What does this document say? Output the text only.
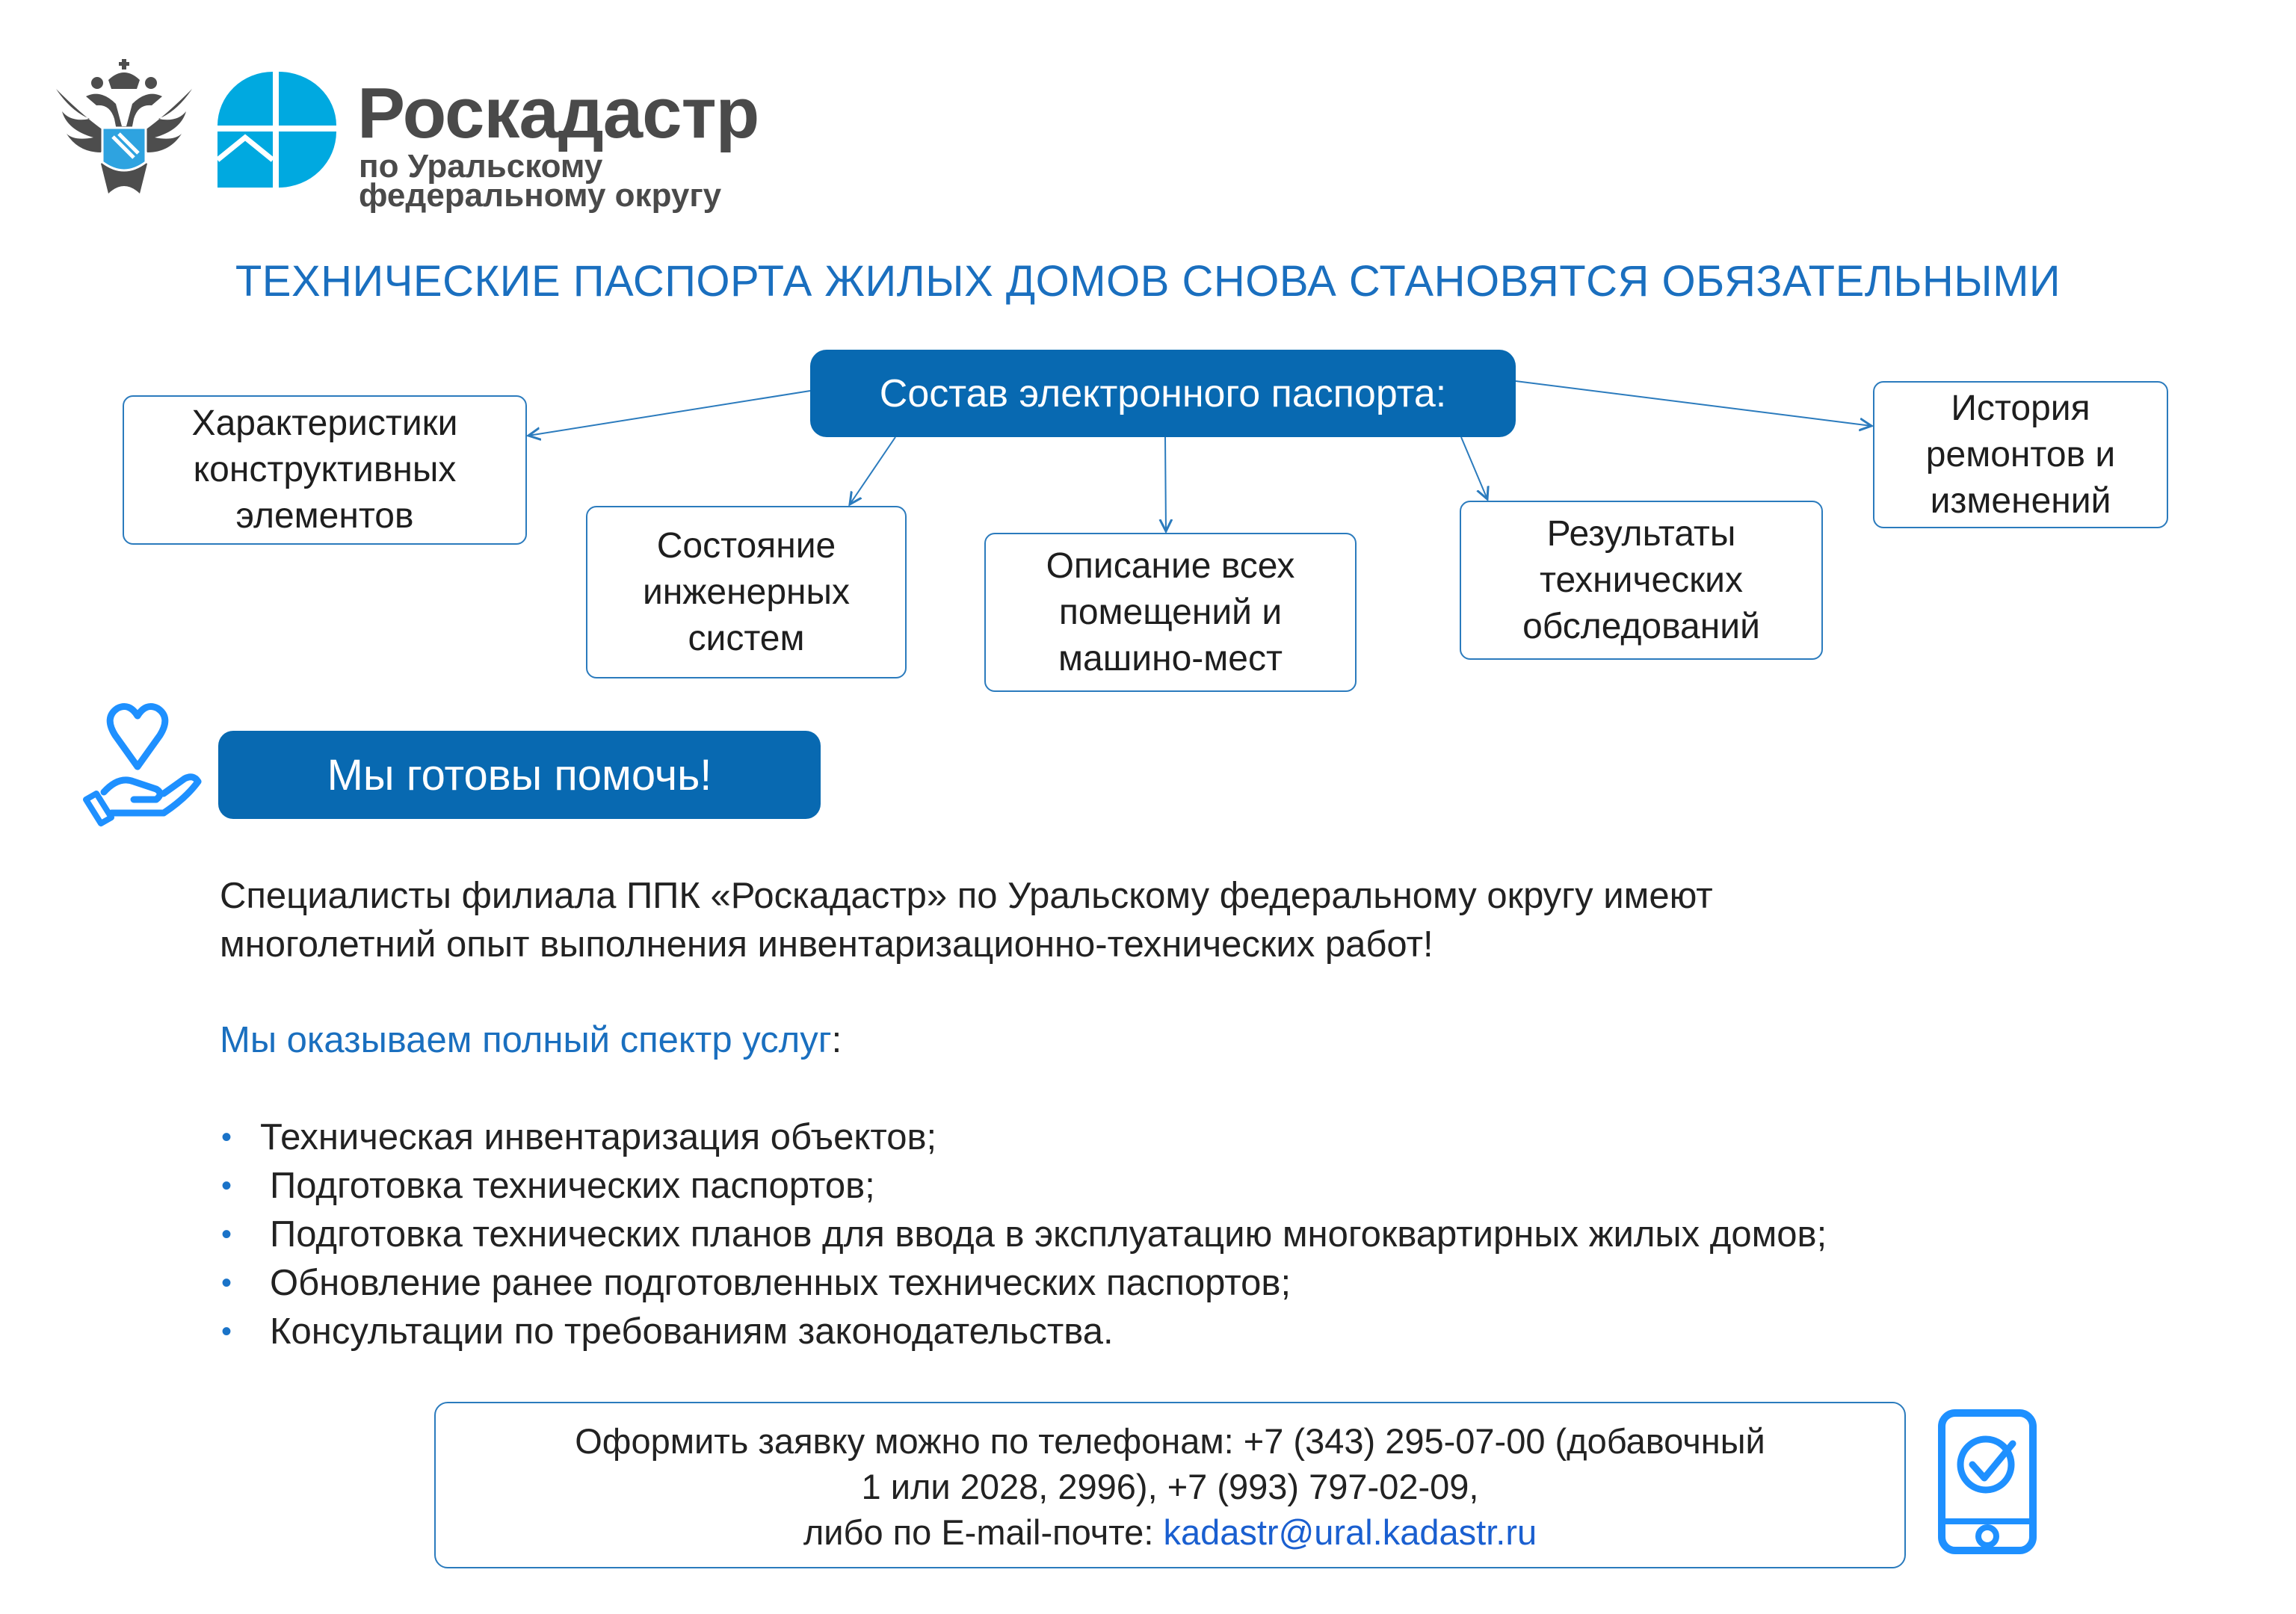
Роскадастр
по Уральскому
федеральному округу
ТЕХНИЧЕСКИЕ ПАСПОРТА ЖИЛЫХ ДОМОВ СНОВА СТАНОВЯТСЯ ОБЯЗАТЕЛЬНЫМИ
Состав электронного паспорта:
Характеристики
конструктивных
элементов
Состояние
инженерных
систем
Описание всех
помещений и
машино-мест
Результаты
технических
обследований
История
ремонтов и
изменений
Мы готовы помочь!
Специалисты филиала ППК «Роскадастр» по Уральскому федеральному округу имеют
многолетний опыт выполнения инвентаризационно-технических работ!
Мы оказываем полный спектр услуг:
• Техническая инвентаризация объектов;
• Подготовка технических паспортов;
• Подготовка технических планов для ввода в эксплуатацию многоквартирных жилых домов;
• Обновление ранее подготовленных технических паспортов;
• Консультации по требованиям законодательства.
Оформить заявку можно по телефонам: +7 (343) 295-07-00 (добавочный
1 или 2028, 2996), +7 (993) 797-02-09,
либо по E-mail-почте: kadastr@ural.kadastr.ru
